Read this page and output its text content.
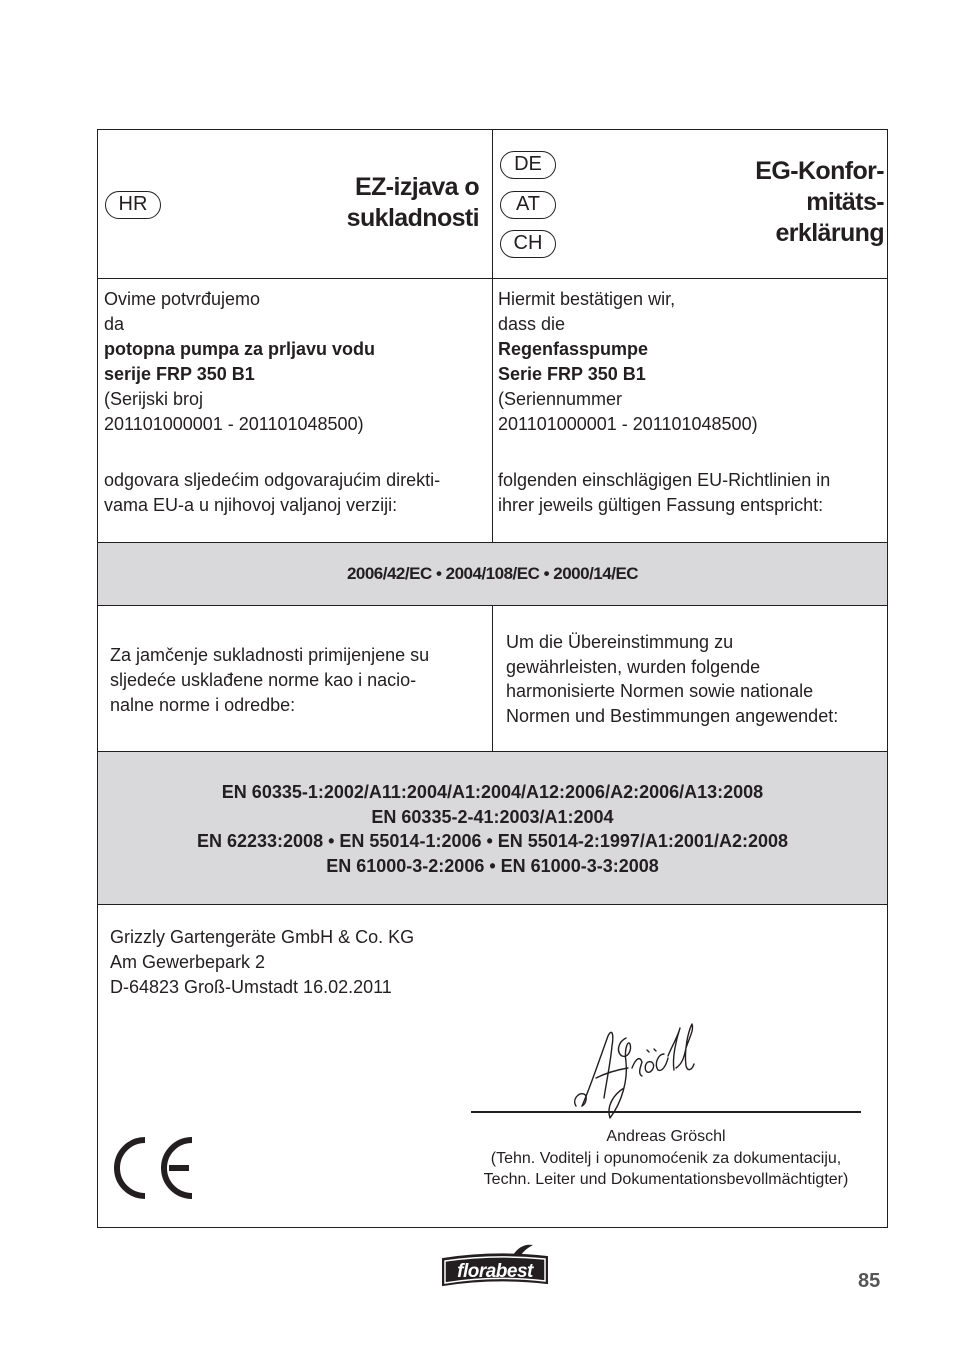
HR
EZ-izjava o
sukladnosti
DE
AT
CH
EG-Konfor-
mitäts-
erklärung
Ovime potvrđujemo
da
potopna pumpa za prljavu vodu
serije FRP 350 B1
(Serijski broj
201101000001 - 201101048500)
odgovara sljedećim odgovarajućim direkti-
vama EU-a u njihovoj valjanoj verziji:
Hiermit bestätigen wir,
dass die
Regenfasspumpe
Serie FRP 350 B1
(Seriennummer
201101000001 - 201101048500)
folgenden einschlägigen EU-Richtlinien in
ihrer jeweils gültigen Fassung entspricht:
2006/42/EC • 2004/108/EC • 2000/14/EC
Za jamčenje sukladnosti primijenjene su
sljedeće usklađene norme kao i nacio-
nalne norme i odredbe:
Um die Übereinstimmung zu
gewährleisten, wurden folgende
harmonisierte Normen sowie nationale
Normen und Bestimmungen angewendet:
EN 60335-1:2002/A11:2004/A1:2004/A12:2006/A2:2006/A13:2008
EN 60335-2-41:2003/A1:2004
EN 62233:2008 • EN 55014-1:2006 • EN 55014-2:1997/A1:2001/A2:2008
EN 61000-3-2:2006 • EN 61000-3-3:2008
Grizzly Gartengeräte GmbH & Co. KG
Am Gewerbepark 2
D-64823 Groß-Umstadt 16.02.2011
Andreas Gröschl
(Tehn. Voditelj i opunomoćenik za dokumentaciju,
Techn. Leiter und Dokumentationsbevollmächtigter)
florabest	85
